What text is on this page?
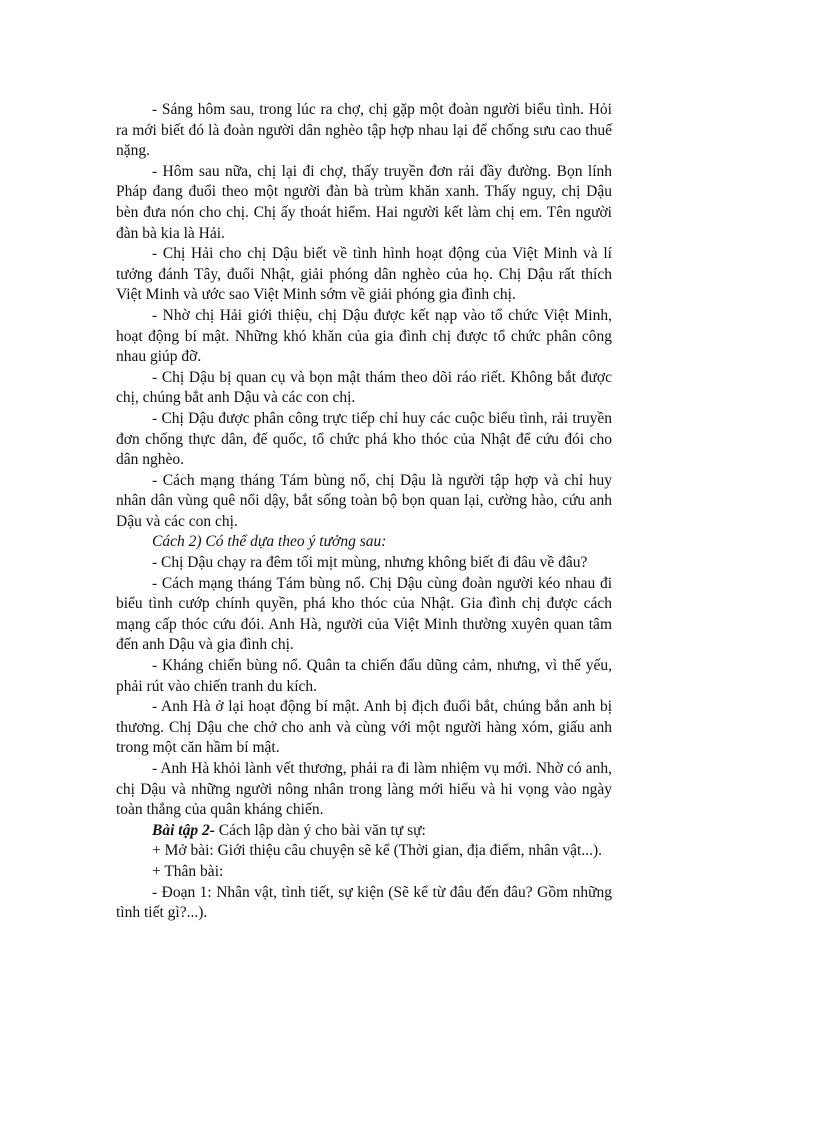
- Sáng hôm sau, trong lúc ra chợ, chị gặp một đoàn người biểu tình. Hỏi ra mới biết đó là đoàn người dân nghèo tập hợp nhau lại để chống sưu cao thuế nặng.

- Hôm sau nữa, chị lại đi chợ, thấy truyền đơn rải đầy đường. Bọn lính Pháp đang đuổi theo một người đàn bà trùm khăn xanh. Thấy nguy, chị Dậu bèn đưa nón cho chị. Chị ấy thoát hiểm. Hai người kết làm chị em. Tên người đàn bà kia là Hải.

- Chị Hải cho chị Dậu biết về tình hình hoạt động của Việt Minh và lí tưởng đánh Tây, đuổi Nhật, giải phóng dân nghèo của họ. Chị Dậu rất thích Việt Minh và ước sao Việt Minh sớm về giải phóng gia đình chị.

- Nhờ chị Hải giới thiệu, chị Dậu được kết nạp vào tổ chức Việt Minh, hoạt động bí mật. Những khó khăn của gia đình chị được tổ chức phân công nhau giúp đỡ.

- Chị Dậu bị quan cụ và bọn mật thám theo dõi ráo riết. Không bắt được chị, chúng bắt anh Dậu và các con chị.

- Chị Dậu được phân công trực tiếp chỉ huy các cuộc biểu tình, rải truyền đơn chống thực dân, đế quốc, tổ chức phá kho thóc của Nhật để cứu đói cho dân nghèo.

- Cách mạng tháng Tám bùng nổ, chị Dậu là người tập hợp và chỉ huy nhân dân vùng quê nổi dậy, bắt sống toàn bộ bọn quan lại, cường hào, cứu anh Dậu và các con chị.

Cách 2) Có thể dựa theo ý tưởng sau:

- Chị Dậu chạy ra đêm tối mịt mùng, nhưng không biết đi đâu về đâu?

- Cách mạng tháng Tám bùng nổ. Chị Dậu cùng đoàn người kéo nhau đi biểu tình cướp chính quyền, phá kho thóc của Nhật. Gia đình chị được cách mạng cấp thóc cứu đói. Anh Hà, người của Việt Minh thường xuyên quan tâm đến anh Dậu và gia đình chị.

- Kháng chiến bùng nổ. Quân ta chiến đấu dũng cảm, nhưng, vì thế yếu, phải rút vào chiến tranh du kích.

- Anh Hà ở lại hoạt động bí mật. Anh bị địch đuổi bắt, chúng bắn anh bị thương. Chị Dậu che chở cho anh và cùng với một người hàng xóm, giấu anh trong một căn hầm bí mật.

- Anh Hà khỏi lành vết thương, phải ra đi làm nhiệm vụ mới. Nhờ có anh, chị Dậu và những người nông nhân trong làng mới hiểu và hi vọng vào ngày toàn thắng của quân kháng chiến.

Bài tập 2- Cách lập dàn ý cho bài văn tự sự:

+ Mở bài: Giới thiệu câu chuyện sẽ kể (Thời gian, địa điểm, nhân vật...).

+ Thân bài:

- Đoạn 1: Nhân vật, tình tiết, sự kiện (Sẽ kể từ đâu đến đâu? Gồm những tình tiết gì?...).
